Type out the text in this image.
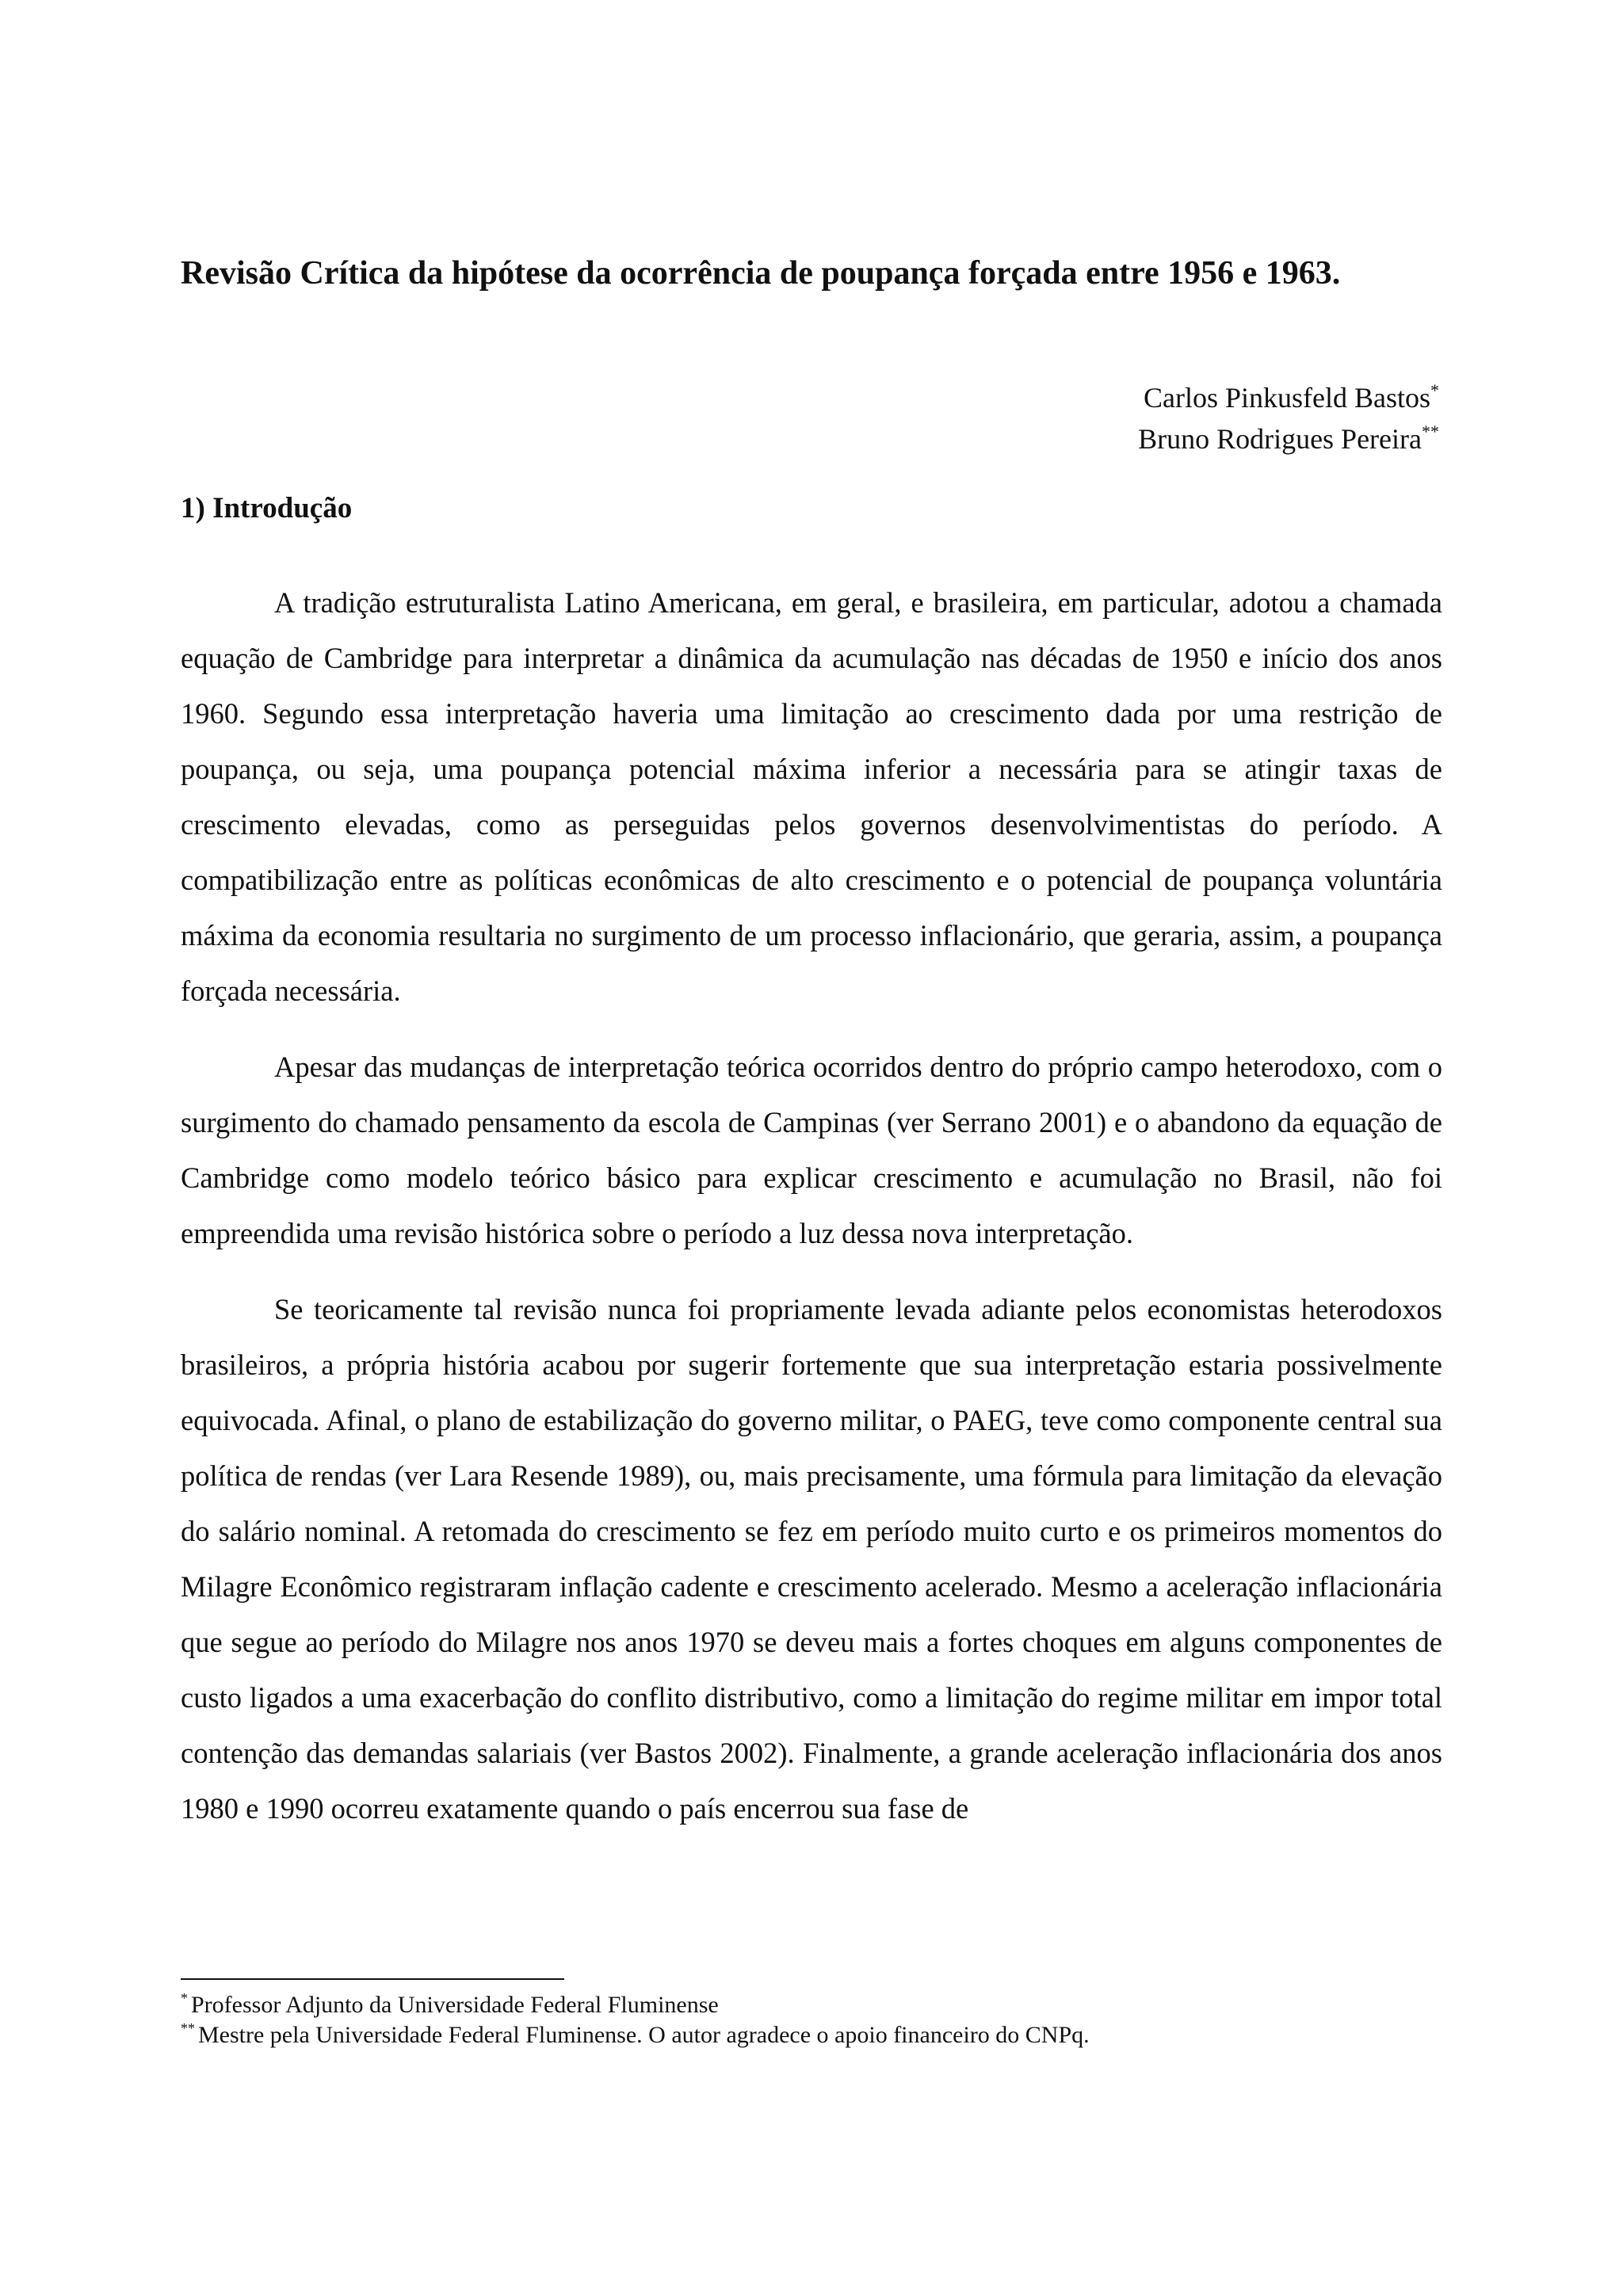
Revisão Crítica da hipótese da ocorrência de poupança forçada entre 1956 e 1963.
Carlos Pinkusfeld Bastos*
Bruno Rodrigues Pereira**
1) Introdução

A tradição estruturalista Latino Americana, em geral, e brasileira, em particular, adotou a chamada equação de Cambridge para interpretar a dinâmica da acumulação nas décadas de 1950 e início dos anos 1960. Segundo essa interpretação haveria uma limitação ao crescimento dada por uma restrição de poupança, ou seja, uma poupança potencial máxima inferior a necessária para se atingir taxas de crescimento elevadas, como as perseguidas pelos governos desenvolvimentistas do período. A compatibilização entre as políticas econômicas de alto crescimento e o potencial de poupança voluntária máxima da economia resultaria no surgimento de um processo inflacionário, que geraria, assim, a poupança forçada necessária.

Apesar das mudanças de interpretação teórica ocorridos dentro do próprio campo heterodoxo, com o surgimento do chamado pensamento da escola de Campinas (ver Serrano 2001) e o abandono da equação de Cambridge como modelo teórico básico para explicar crescimento e acumulação no Brasil, não foi empreendida uma revisão histórica sobre o período a luz dessa nova interpretação.

Se teoricamente tal revisão nunca foi propriamente levada adiante pelos economistas heterodoxos brasileiros, a própria história acabou por sugerir fortemente que sua interpretação estaria possivelmente equivocada. Afinal, o plano de estabilização do governo militar, o PAEG, teve como componente central sua política de rendas (ver Lara Resende 1989), ou, mais precisamente, uma fórmula para limitação da elevação do salário nominal. A retomada do crescimento se fez em período muito curto e os primeiros momentos do Milagre Econômico registraram inflação cadente e crescimento acelerado. Mesmo a aceleração inflacionária que segue ao período do Milagre nos anos 1970 se deveu mais a fortes choques em alguns componentes de custo ligados a uma exacerbação do conflito distributivo, como a limitação do regime militar em impor total contenção das demandas salariais (ver Bastos 2002). Finalmente, a grande aceleração inflacionária dos anos 1980 e 1990 ocorreu exatamente quando o país encerrou sua fase de

* Professor Adjunto da Universidade Federal Fluminense
** Mestre pela Universidade Federal Fluminense. O autor agradece o apoio financeiro do CNPq.
